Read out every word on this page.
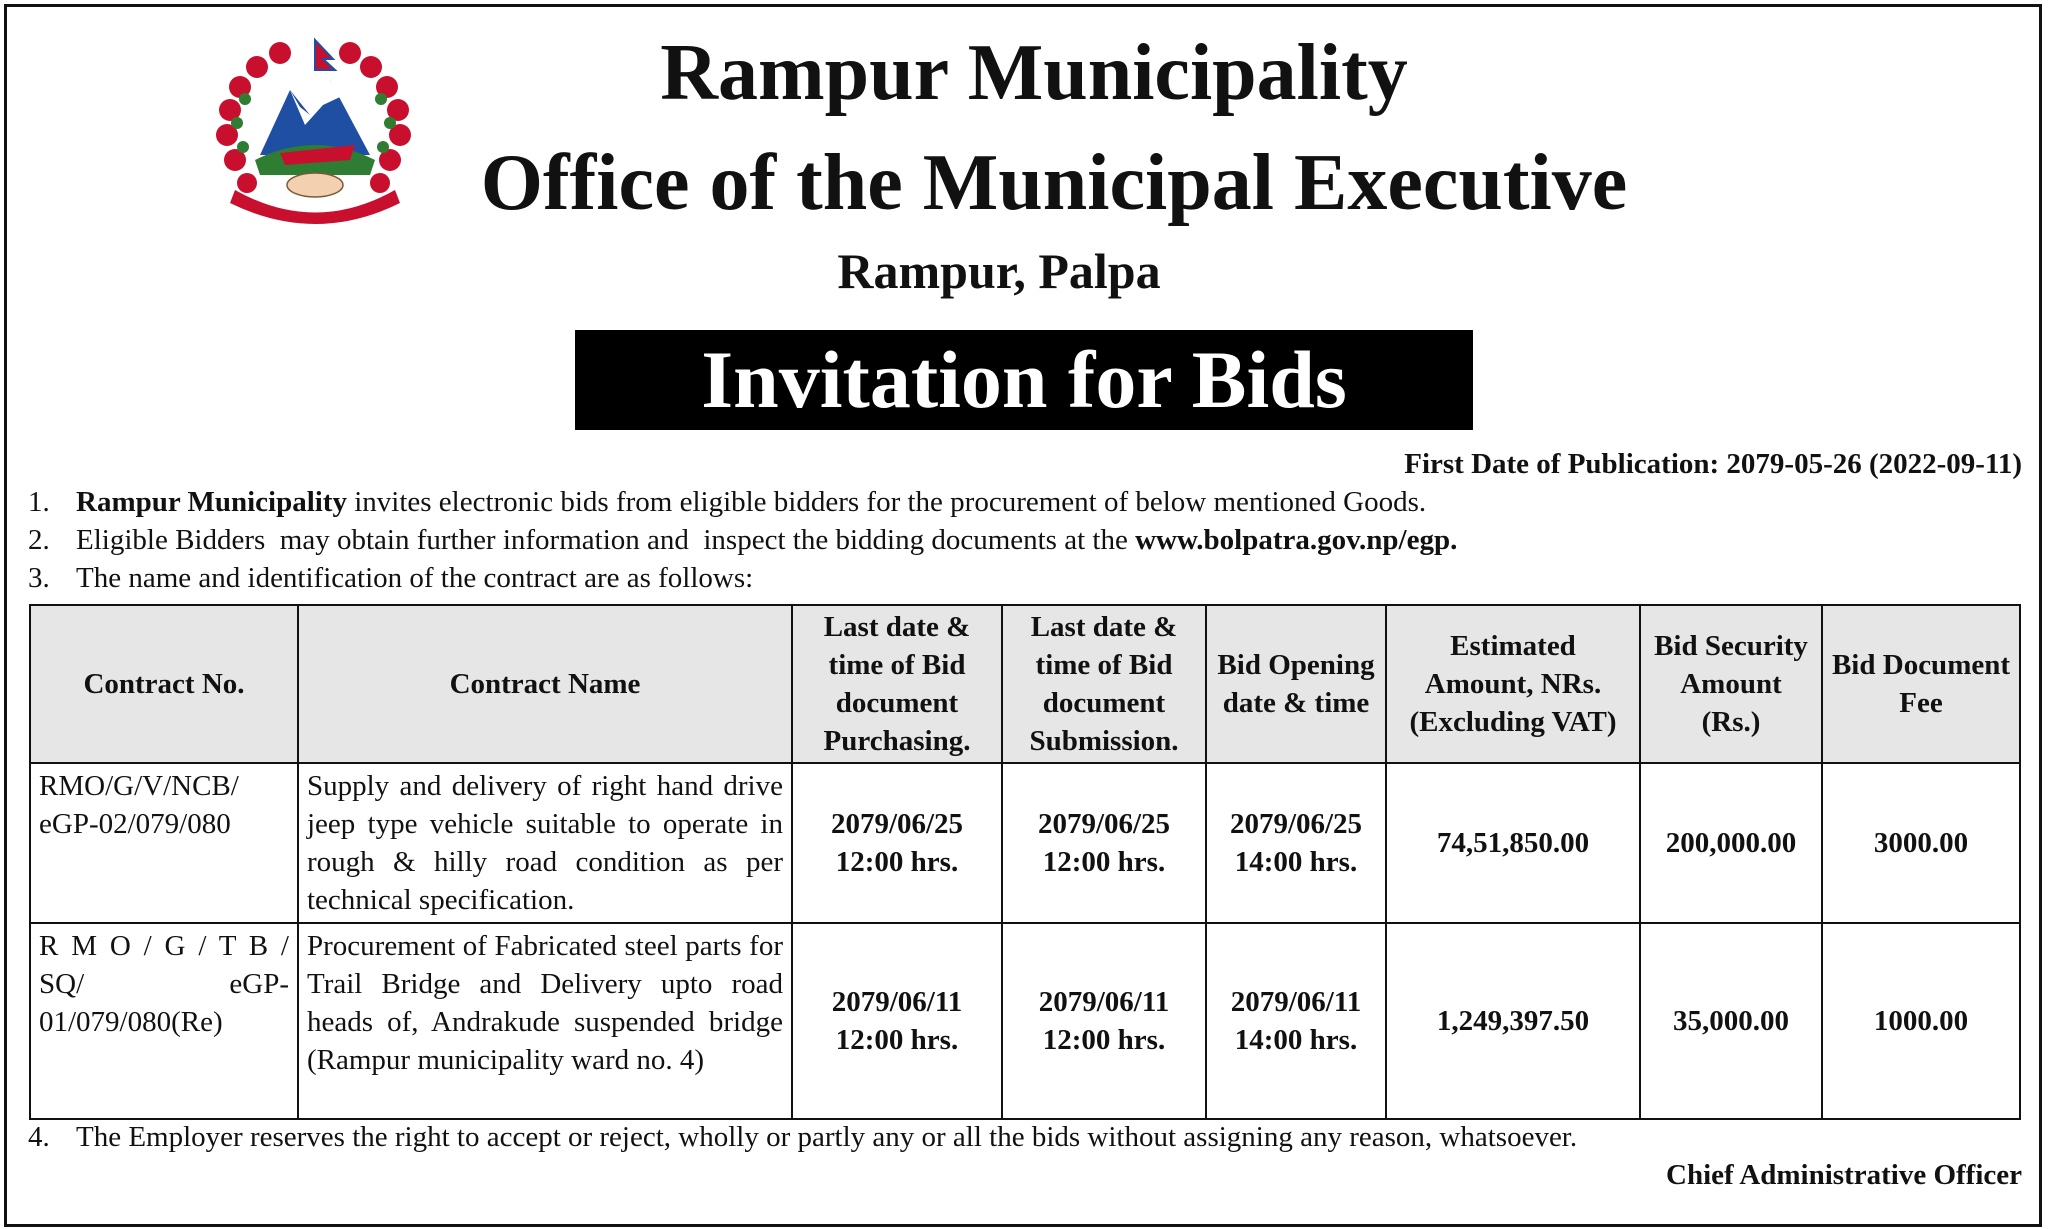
~ ~ ~
Rampur Municipality
Office of the Municipal Executive
Rampur, Palpa
Invitation for Bids
First Date of Publication: 2079-05-26 (2022-09-11)
1. Rampur Municipality invites electronic bids from eligible bidders for the procurement of below mentioned Goods.
2. Eligible Bidders  may obtain further information and  inspect the bidding documents at the www.bolpatra.gov.np/egp.
3. The name and identification of the contract are as follows:
Contract No.	Contract Name	Last date & time of Bid document Purchasing.	Last date & time of Bid document Submission.	Bid Opening date & time	Estimated Amount, NRs.(Excluding VAT)	Bid Security Amount (Rs.)	Bid Document Fee
RMO/G/V/NCB/ eGP-02/079/080	Supply and delivery of right hand drive jeep type vehicle suitable to operate in rough & hilly road condition as per technical specification.	2079/06/25
12:00 hrs.	2079/06/25
12:00 hrs.	2079/06/25
14:00 hrs.	74,51,850.00	200,000.00	3000.00
R M O / G / T B / SQ/ eGP- 01/079/080(Re)	Procurement of Fabricated steel parts for Trail Bridge and Delivery upto road heads of, Andrakude suspended bridge (Rampur municipality ward no. 4)	2079/06/11
12:00 hrs.	2079/06/11
12:00 hrs.	2079/06/11
14:00 hrs.	1,249,397.50	35,000.00	1000.00
4. The Employer reserves the right to accept or reject, wholly or partly any or all the bids without assigning any reason, whatsoever.
Chief Administrative Officer
